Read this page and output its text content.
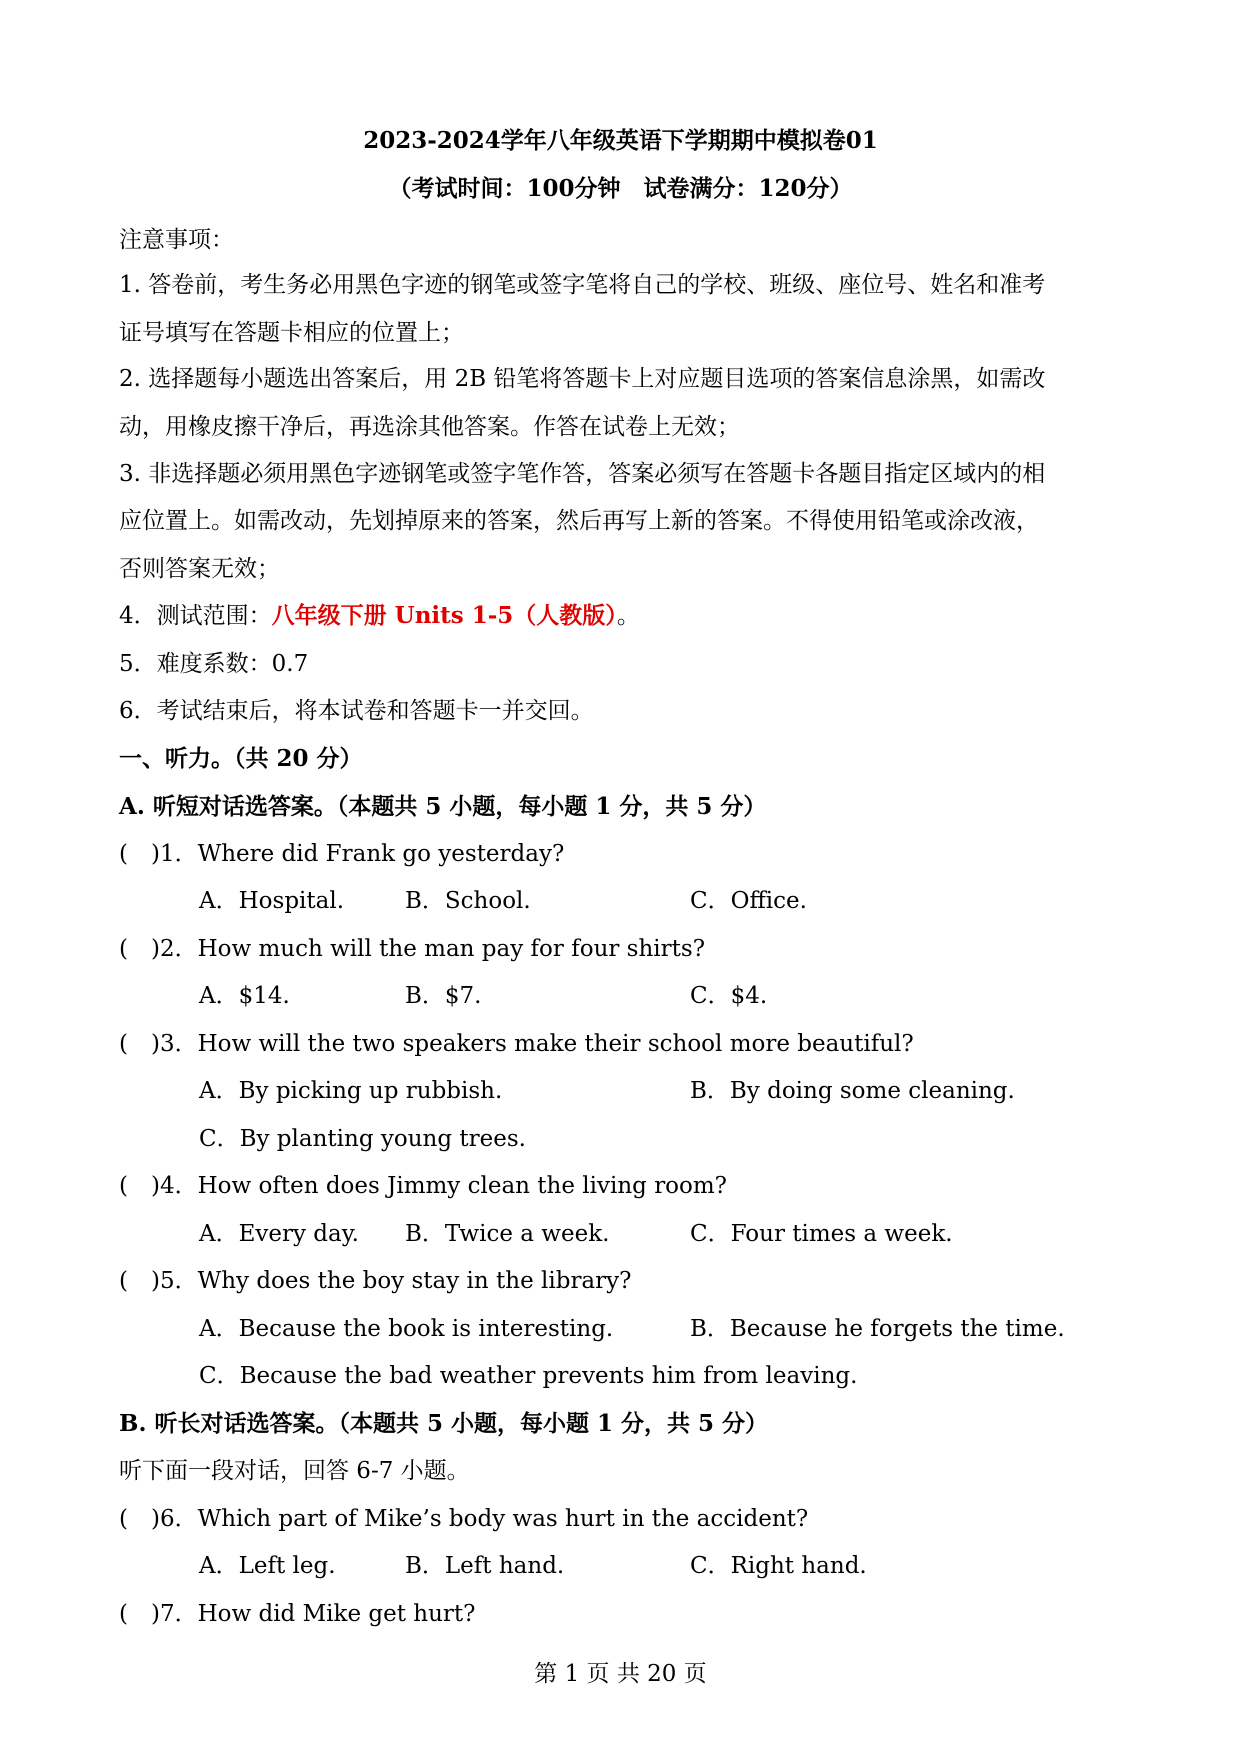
2023-2024学年八年级英语下学期期中模拟卷01
（考试时间：100分钟　试卷满分：120分）
注意事项：
1. 答卷前，考生务必用黑色字迹的钢笔或签字笔将自己的学校、班级、座位号、姓名和准考
证号填写在答题卡相应的位置上；
2. 选择题每小题选出答案后，用 2B 铅笔将答题卡上对应题目选项的答案信息涂黑，如需改
动，用橡皮擦干净后，再选涂其他答案。作答在试卷上无效；
3. 非选择题必须用黑色字迹钢笔或签字笔作答，答案必须写在答题卡各题目指定区域内的相
应位置上。如需改动，先划掉原来的答案，然后再写上新的答案。不得使用铅笔或涂改液，
否则答案无效；
4．测试范围：八年级下册 Units 1-5（人教版）。
5．难度系数：0.7
6．考试结束后，将本试卷和答题卡一并交回。
一、听力。（共 20 分）
A. 听短对话选答案。（本题共 5 小题，每小题 1 分，共 5 分）
(　)1．Where did Frank go yesterday?
A．Hospital.	B．School.	C．Office.
(　)2．How much will the man pay for four shirts?
A．$14.	B．$7.	C．$4.
(　)3．How will the two speakers make their school more beautiful?
A．By picking up rubbish.	B．By doing some cleaning.
C．By planting young trees.
(　)4．How often does Jimmy clean the living room?
A．Every day. B．Twice a week.	C．Four times a week.
(　)5．Why does the boy stay in the library?
A．Because the book is interesting.	B．Because he forgets the time.
C．Because the bad weather prevents him from leaving.
B. 听长对话选答案。（本题共 5 小题，每小题 1 分，共 5 分）
听下面一段对话，回答 6-7 小题。
(　)6．Which part of Mike’s body was hurt in the accident?
A．Left leg.	B．Left hand.	C．Right hand.
(　)7．How did Mike get hurt?
第 1 页 共 20 页
